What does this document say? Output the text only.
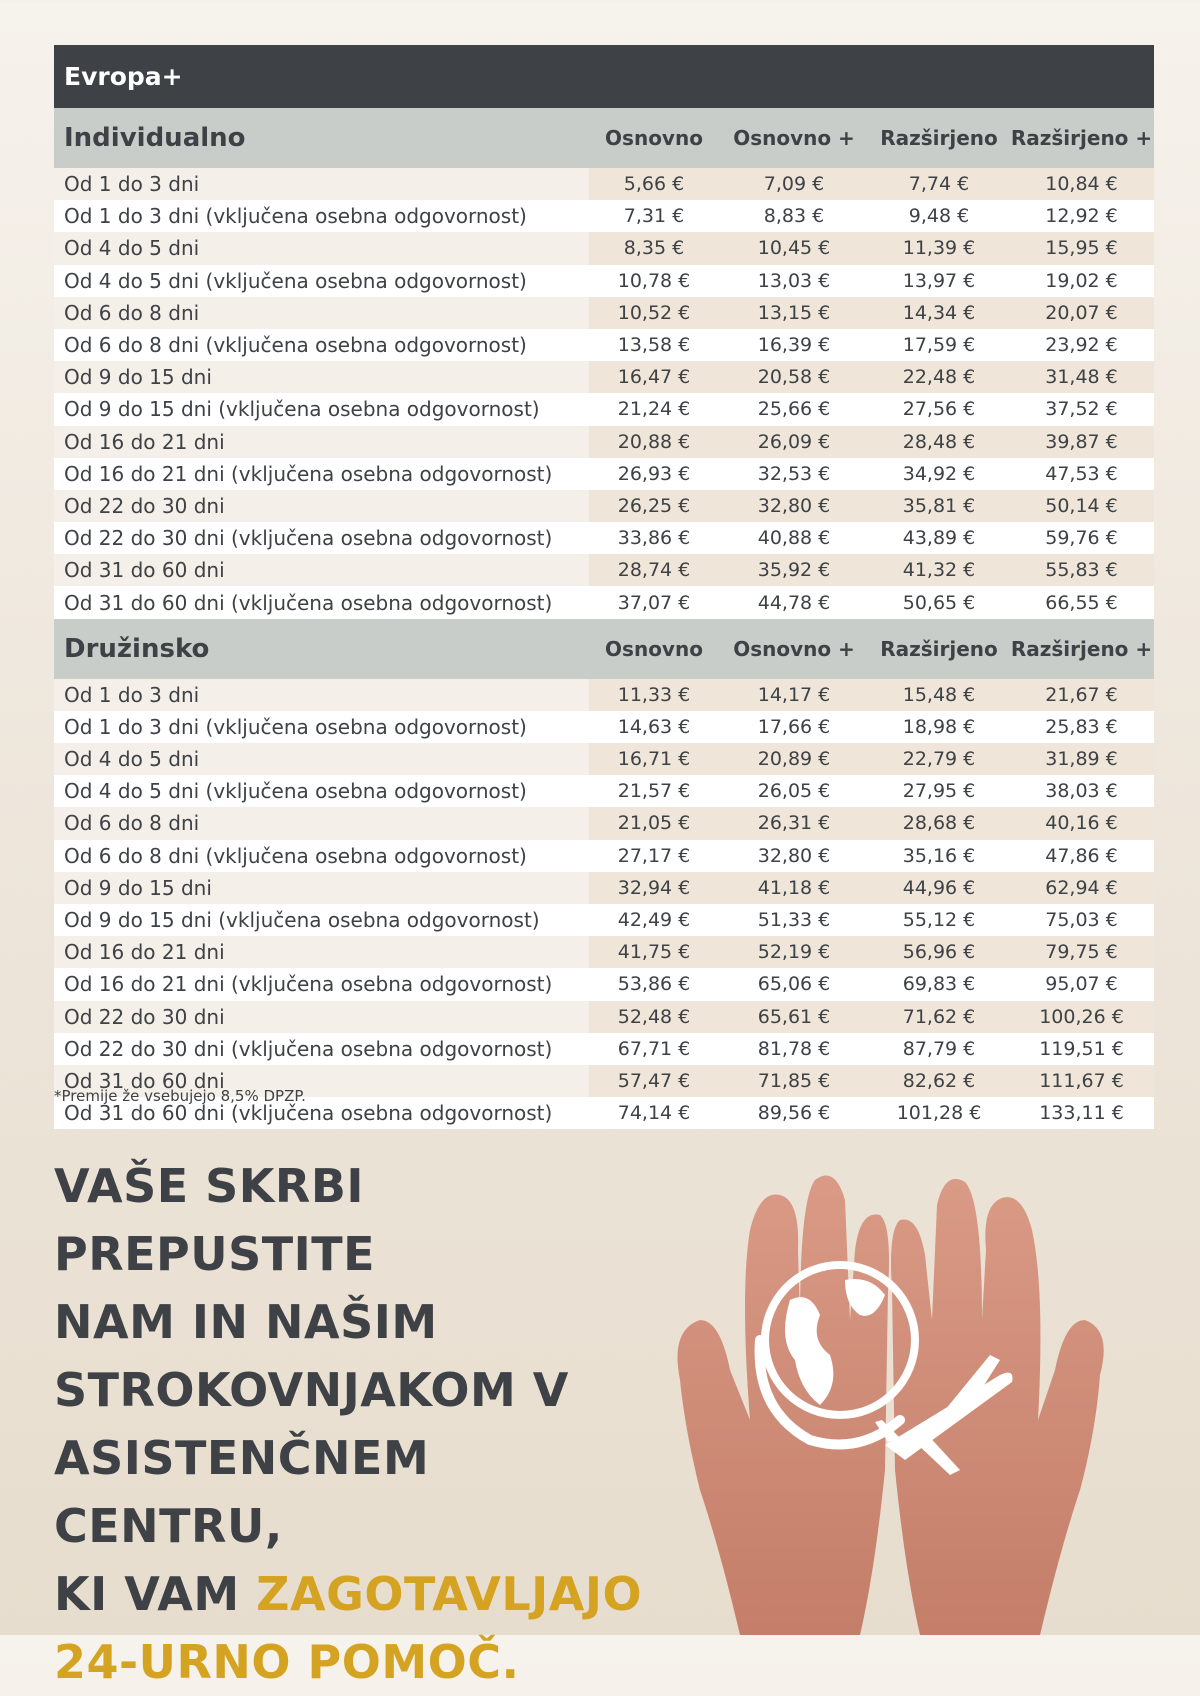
Evropa+
Individualno	Osnovno	Osnovno +	Razširjeno	Razširjeno +
Od 1 do 3 dni	5,66 €	7,09 €	7,74 €	10,84 €
Od 1 do 3 dni (vključena osebna odgovornost)	7,31 €	8,83 €	9,48 €	12,92 €
Od 4 do 5 dni	8,35 €	10,45 €	11,39 €	15,95 €
Od 4 do 5 dni (vključena osebna odgovornost)	10,78 €	13,03 €	13,97 €	19,02 €
Od 6 do 8 dni	10,52 €	13,15 €	14,34 €	20,07 €
Od 6 do 8 dni (vključena osebna odgovornost)	13,58 €	16,39 €	17,59 €	23,92 €
Od 9 do 15 dni	16,47 €	20,58 €	22,48 €	31,48 €
Od 9 do 15 dni (vključena osebna odgovornost)	21,24 €	25,66 €	27,56 €	37,52 €
Od 16 do 21 dni	20,88 €	26,09 €	28,48 €	39,87 €
Od 16 do 21 dni (vključena osebna odgovornost)	26,93 €	32,53 €	34,92 €	47,53 €
Od 22 do 30 dni	26,25 €	32,80 €	35,81 €	50,14 €
Od 22 do 30 dni (vključena osebna odgovornost)	33,86 €	40,88 €	43,89 €	59,76 €
Od 31 do 60 dni	28,74 €	35,92 €	41,32 €	55,83 €
Od 31 do 60 dni (vključena osebna odgovornost)	37,07 €	44,78 €	50,65 €	66,55 €
Družinsko	Osnovno	Osnovno +	Razširjeno	Razširjeno +
Od 1 do 3 dni	11,33 €	14,17 €	15,48 €	21,67 €
Od 1 do 3 dni (vključena osebna odgovornost)	14,63 €	17,66 €	18,98 €	25,83 €
Od 4 do 5 dni	16,71 €	20,89 €	22,79 €	31,89 €
Od 4 do 5 dni (vključena osebna odgovornost)	21,57 €	26,05 €	27,95 €	38,03 €
Od 6 do 8 dni	21,05 €	26,31 €	28,68 €	40,16 €
Od 6 do 8 dni (vključena osebna odgovornost)	27,17 €	32,80 €	35,16 €	47,86 €
Od 9 do 15 dni	32,94 €	41,18 €	44,96 €	62,94 €
Od 9 do 15 dni (vključena osebna odgovornost)	42,49 €	51,33 €	55,12 €	75,03 €
Od 16 do 21 dni	41,75 €	52,19 €	56,96 €	79,75 €
Od 16 do 21 dni (vključena osebna odgovornost)	53,86 €	65,06 €	69,83 €	95,07 €
Od 22 do 30 dni	52,48 €	65,61 €	71,62 €	100,26 €
Od 22 do 30 dni (vključena osebna odgovornost)	67,71 €	81,78 €	87,79 €	119,51 €
Od 31 do 60 dni	57,47 €	71,85 €	82,62 €	111,67 €
Od 31 do 60 dni (vključena osebna odgovornost)	74,14 €	89,56 €	101,28 €	133,11 €
*Premije že vsebujejo 8,5% DPZP.
VAŠE SKRBI PREPUSTITE
NAM IN NAŠIM
STROKOVNJAKOM V
ASISTENČNEM CENTRU,
KI VAM ZAGOTAVLJAJO
24-URNO POMOČ.
